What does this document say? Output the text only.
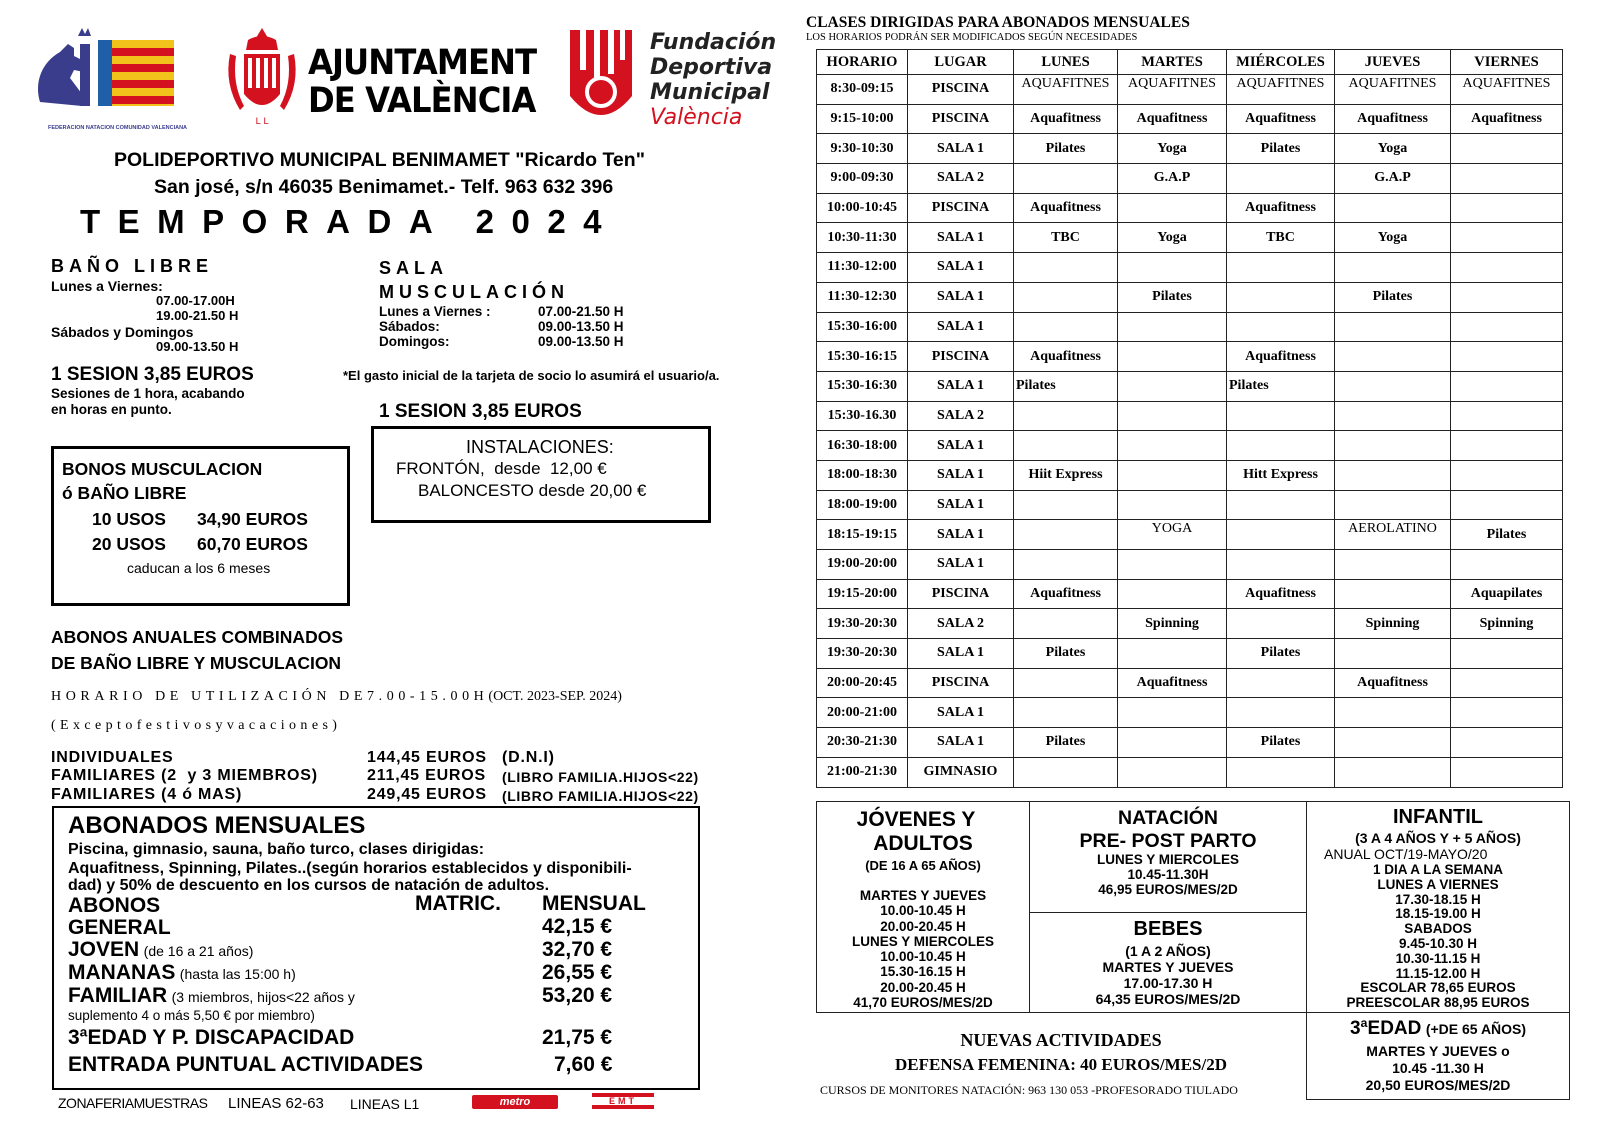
FEDERACION NATACION COMUNIDAD VALENCIANA
L L
AJUNTAMENT
DE VALÈNCIA
Fundación
Deportiva
Municipal
València
POLIDEPORTIVO MUNICIPAL BENIMAMET "Ricardo Ten"
San josé, s/n 46035 Benimamet.- Telf. 963 632 396
TEMPORADA 2024
BAÑO LIBRE
Lunes a Viernes:
07.00-17.00H
19.00-21.50 H
Sábados y Domingos
09.00-13.50 H
1 SESION 3,85 EUROS
Sesiones de 1 hora, acabando
en horas en punto.
SALA
MUSCULACIÓN
Lunes a Viernes :	07.00-21.50 H
Sábados:	09.00-13.50 H
Domingos:	09.00-13.50 H
*El gasto inicial de la tarjeta de socio lo asumirá el usuario/a.
1 SESION 3,85 EUROS
INSTALACIONES:
FRONTÓN,  desde  12,00 €
BALONCESTO desde 20,00 €
BONOS MUSCULACION
ó BAÑO LIBRE
10 USOS 34,90 EUROS
20 USOS 60,70 EUROS
caducan a los 6 meses
ABONOS ANUALES COMBINADOS
DE BAÑO LIBRE Y MUSCULACION
HORARIO DE UTILIZACIÓN DE7.00-15.00H(OCT. 2023-SEP. 2024)
(Exceptofestivosyvacaciones)
INDIVIDUALES	144,45 EUROS (D.N.I)
FAMILIARES (2  y 3 MIEMBROS)	211,45 EUROS (LIBRO FAMILIA.HIJOS<22)
FAMILIARES (4 ó MAS)	249,45 EUROS (LIBRO FAMILIA.HIJOS<22)
ABONADOS MENSUALES
Piscina, gimnasio, sauna, baño turco, clases dirigidas:
Aquafitness, Spinning, Pilates..(según horarios establecidos y disponibili-
dad) y 50% de descuento en los cursos de natación de adultos.
ABONOS	MATRIC. MENSUAL
GENERAL	42,15 €
JOVEN (de 16 a 21 años)	32,70 €
MANANAS (hasta las 15:00 h)	26,55 €
FAMILIAR (3 miembros, hijos<22 años y	53,20 €
suplemento 4 o más 5,50 € por miembro)
3ªEDAD Y P. DISCAPACIDAD	21,75 €
ENTRADA PUNTUAL ACTIVIDADES	7,60 €
ZONAFERIAMUESTRAS LINEAS 62-63 LINEAS L1	metro	EMT
CLASES DIRIGIDAS PARA ABONADOS MENSUALES
LOS HORARIOS PODRÁN SER MODIFICADOS SEGÚN NECESIDADES
HORARIO	LUGAR	LUNES	MARTES	MIÉRCOLES	JUEVES	VIERNES
8:30-09:15	PISCINA	AQUAFITNES	AQUAFITNES	AQUAFITNES	AQUAFITNES	AQUAFITNES
9:15-10:00	PISCINA	Aquafitness	Aquafitness	Aquafitness	Aquafitness	Aquafitness
9:30-10:30	SALA 1	Pilates	Yoga	Pilates	Yoga	
9:00-09:30	SALA 2		G.A.P		G.A.P	
10:00-10:45	PISCINA	Aquafitness		Aquafitness		
10:30-11:30	SALA 1	TBC	Yoga	TBC	Yoga	
11:30-12:00	SALA 1					
11:30-12:30	SALA 1		Pilates		Pilates	
15:30-16:00	SALA 1					
15:30-16:15	PISCINA	Aquafitness		Aquafitness		
15:30-16:30	SALA 1	Pilates		Pilates		
15:30-16.30	SALA 2					
16:30-18:00	SALA 1					
18:00-18:30	SALA 1	Hiit Express		Hitt Express		
18:00-19:00	SALA 1					
18:15-19:15	SALA 1		YOGA		AEROLATINO	Pilates
19:00-20:00	SALA 1					
19:15-20:00	PISCINA	Aquafitness		Aquafitness		Aquapilates
19:30-20:30	SALA 2		Spinning		Spinning	Spinning
19:30-20:30	SALA 1	Pilates		Pilates		
20:00-20:45	PISCINA		Aquafitness		Aquafitness	
20:00-21:00	SALA 1					
20:30-21:30	SALA 1	Pilates		Pilates		
21:00-21:30	GIMNASIO					
JÓVENES Y
ADULTOS
(DE 16 A 65 AÑOS)
MARTES Y JUEVES
10.00-10.45 H
20.00-20.45 H
LUNES Y MIERCOLES
10.00-10.45 H
15.30-16.15 H
20.00-20.45 H
41,70 EUROS/MES/2D
NATACIÓN
PRE- POST PARTO
LUNES Y MIERCOLES
10.45-11.30H
46,95 EUROS/MES/2D
BEBES
(1 A 2 AÑOS)
MARTES Y JUEVES
17.00-17.30 H
64,35 EUROS/MES/2D
INFANTIL
(3 A 4 AÑOS Y + 5 AÑOS)
ANUAL OCT/19-MAYO/20
1 DIA A LA SEMANA
LUNES A VIERNES
17.30-18.15 H
18.15-19.00 H
SABADOS
9.45-10.30 H
10.30-11.15 H
11.15-12.00 H
ESCOLAR 78,65 EUROS
PREESCOLAR 88,95 EUROS
NUEVAS ACTIVIDADES
DEFENSA FEMENINA: 40 EUROS/MES/2D
CURSOS DE MONITORES NATACIÓN: 963 130 053 -PROFESORADO TIULADO
3ªEDAD (+DE 65 AÑOS)
MARTES Y JUEVES o
10.45 -11.30 H
20,50 EUROS/MES/2D
